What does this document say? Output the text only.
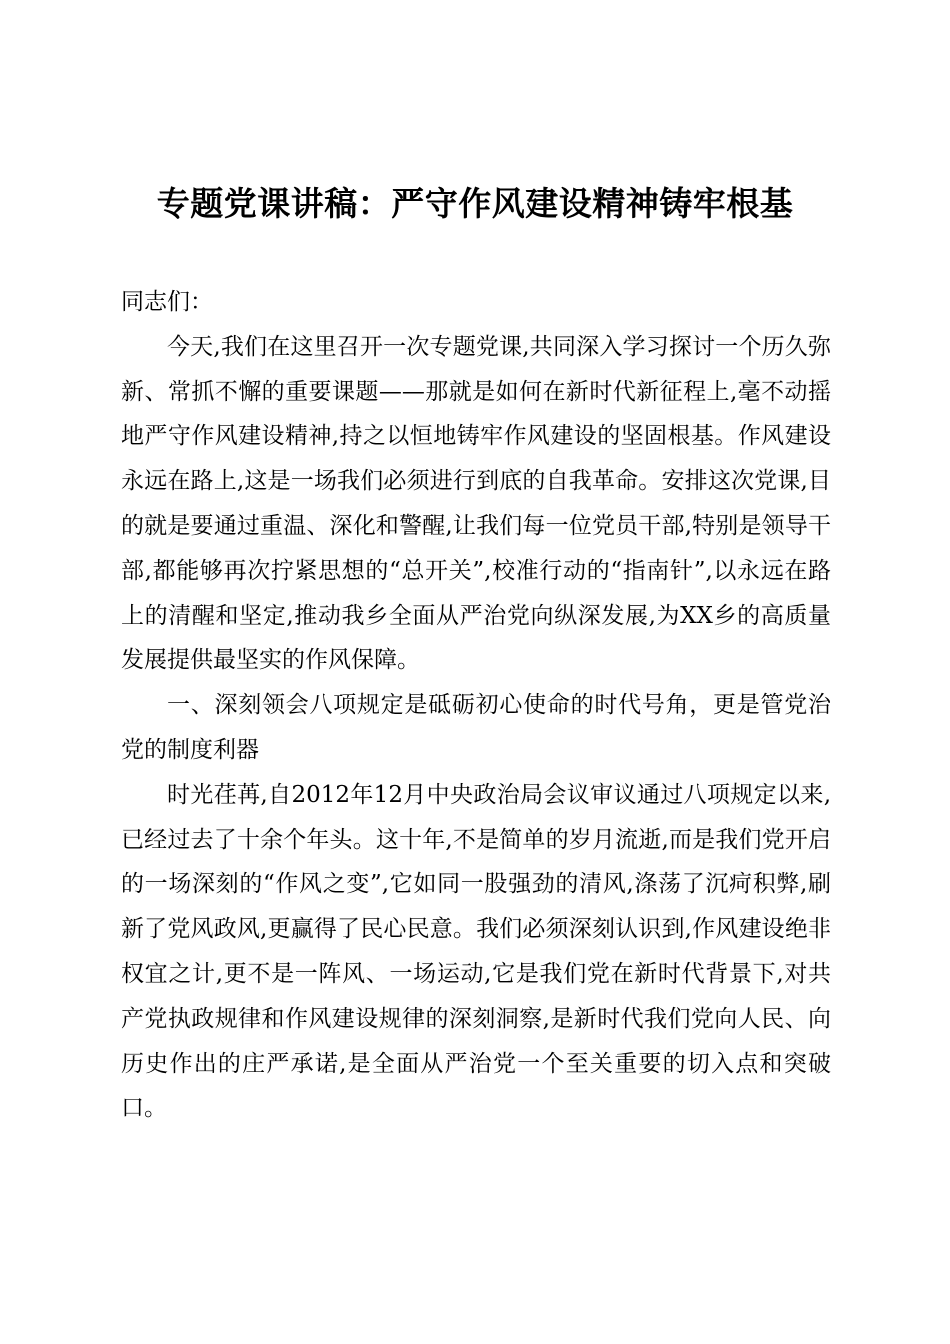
专题党课讲稿：严守作风建设精神铸牢根基

同志们：

今天,我们在这里召开一次专题党课,共同深入学习探讨一个历久弥新、常抓不懈的重要课题——那就是如何在新时代新征程上,毫不动摇地严守作风建设精神,持之以恒地铸牢作风建设的坚固根基。作风建设永远在路上,这是一场我们必须进行到底的自我革命。安排这次党课,目的就是要通过重温、深化和警醒,让我们每一位党员干部,特别是领导干部,都能够再次拧紧思想的“总开关”,校准行动的“指南针”,以永远在路上的清醒和坚定,推动我乡全面从严治党向纵深发展,为XX乡的高质量发展提供最坚实的作风保障。

一、深刻领会八项规定是砥砺初心使命的时代号角，更是管党治党的制度利器

时光荏苒,自2012年12月中央政治局会议审议通过八项规定以来,已经过去了十余个年头。这十年,不是简单的岁月流逝,而是我们党开启的一场深刻的“作风之变”,它如同一股强劲的清风,涤荡了沉疴积弊,刷新了党风政风,更赢得了民心民意。我们必须深刻认识到,作风建设绝非权宜之计,更不是一阵风、一场运动,它是我们党在新时代背景下,对共产党执政规律和作风建设规律的深刻洞察,是新时代我们党向人民、向历史作出的庄严承诺,是全面从严治党一个至关重要的切入点和突破口。
